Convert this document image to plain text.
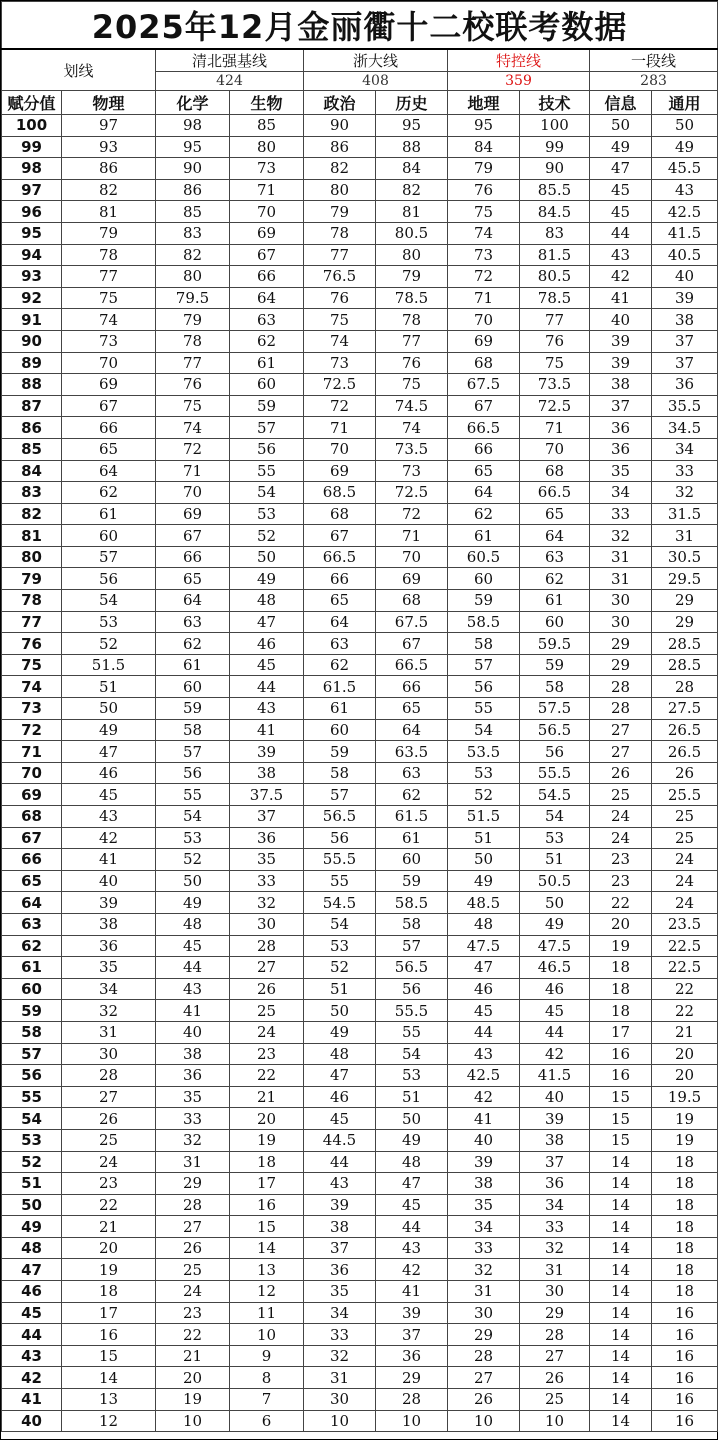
2025年12月金丽衢十二校联考数据									
划线		清北强基线		浙大线		特控线		一段线	
		424		408		359		283	
赋分值	物理	化学	生物	政治	历史	地理	技术	信息	通用
100	97	98	85	90	95	95	100	50	50
99	93	95	80	86	88	84	99	49	49
98	86	90	73	82	84	79	90	47	45.5
97	82	86	71	80	82	76	85.5	45	43
96	81	85	70	79	81	75	84.5	45	42.5
95	79	83	69	78	80.5	74	83	44	41.5
94	78	82	67	77	80	73	81.5	43	40.5
93	77	80	66	76.5	79	72	80.5	42	40
92	75	79.5	64	76	78.5	71	78.5	41	39
91	74	79	63	75	78	70	77	40	38
90	73	78	62	74	77	69	76	39	37
89	70	77	61	73	76	68	75	39	37
88	69	76	60	72.5	75	67.5	73.5	38	36
87	67	75	59	72	74.5	67	72.5	37	35.5
86	66	74	57	71	74	66.5	71	36	34.5
85	65	72	56	70	73.5	66	70	36	34
84	64	71	55	69	73	65	68	35	33
83	62	70	54	68.5	72.5	64	66.5	34	32
82	61	69	53	68	72	62	65	33	31.5
81	60	67	52	67	71	61	64	32	31
80	57	66	50	66.5	70	60.5	63	31	30.5
79	56	65	49	66	69	60	62	31	29.5
78	54	64	48	65	68	59	61	30	29
77	53	63	47	64	67.5	58.5	60	30	29
76	52	62	46	63	67	58	59.5	29	28.5
75	51.5	61	45	62	66.5	57	59	29	28.5
74	51	60	44	61.5	66	56	58	28	28
73	50	59	43	61	65	55	57.5	28	27.5
72	49	58	41	60	64	54	56.5	27	26.5
71	47	57	39	59	63.5	53.5	56	27	26.5
70	46	56	38	58	63	53	55.5	26	26
69	45	55	37.5	57	62	52	54.5	25	25.5
68	43	54	37	56.5	61.5	51.5	54	24	25
67	42	53	36	56	61	51	53	24	25
66	41	52	35	55.5	60	50	51	23	24
65	40	50	33	55	59	49	50.5	23	24
64	39	49	32	54.5	58.5	48.5	50	22	24
63	38	48	30	54	58	48	49	20	23.5
62	36	45	28	53	57	47.5	47.5	19	22.5
61	35	44	27	52	56.5	47	46.5	18	22.5
60	34	43	26	51	56	46	46	18	22
59	32	41	25	50	55.5	45	45	18	22
58	31	40	24	49	55	44	44	17	21
57	30	38	23	48	54	43	42	16	20
56	28	36	22	47	53	42.5	41.5	16	20
55	27	35	21	46	51	42	40	15	19.5
54	26	33	20	45	50	41	39	15	19
53	25	32	19	44.5	49	40	38	15	19
52	24	31	18	44	48	39	37	14	18
51	23	29	17	43	47	38	36	14	18
50	22	28	16	39	45	35	34	14	18
49	21	27	15	38	44	34	33	14	18
48	20	26	14	37	43	33	32	14	18
47	19	25	13	36	42	32	31	14	18
46	18	24	12	35	41	31	30	14	18
45	17	23	11	34	39	30	29	14	16
44	16	22	10	33	37	29	28	14	16
43	15	21	9	32	36	28	27	14	16
42	14	20	8	31	29	27	26	14	16
41	13	19	7	30	28	26	25	14	16
40	12	10	6	10	10	10	10	14	16
